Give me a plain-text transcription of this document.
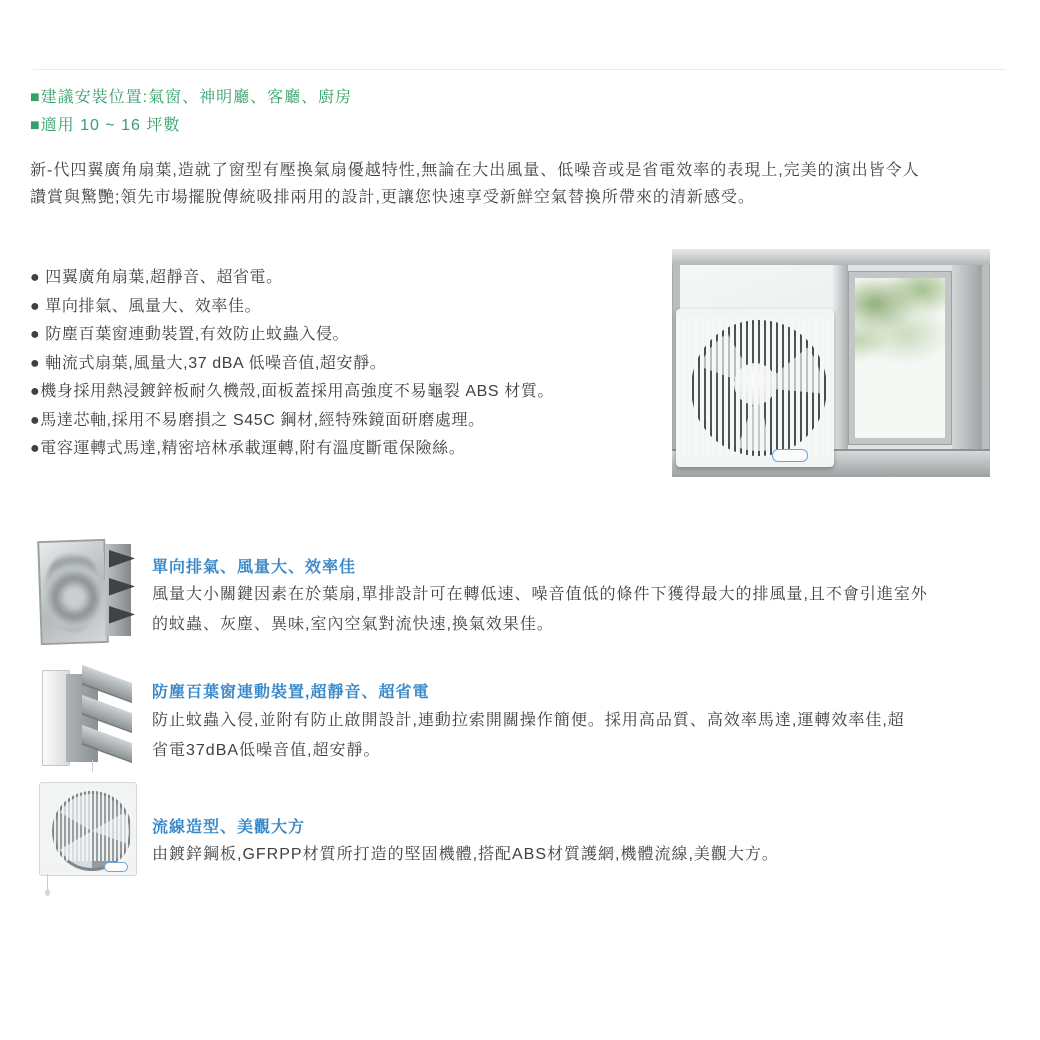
■建議安裝位置:氣窗、神明廳、客廳、廚房
■適用 10 ~ 16 坪數
新-代四翼廣角扇葉,造就了窗型有壓換氣扇優越特性,無論在大出風量、低噪音或是省電效率的表現上,完美的演出皆令人
讚賞與驚艷;領先市場擺脫傳統吸排兩用的設計,更讓您快速享受新鮮空氣替換所帶來的清新感受。
● 四翼廣角扇葉,超靜音、超省電。
● 單向排氣、風量大、效率佳。
● 防塵百葉窗連動裝置,有效防止蚊蟲入侵。
● 軸流式扇葉,風量大,37 dBA 低噪音值,超安靜。
●機身採用熱浸鍍鋅板耐久機殼,面板蓋採用高強度不易龜裂 ABS 材質。
●馬達芯軸,採用不易磨損之 S45C 鋼材,經特殊鏡面研磨處理。
●電容運轉式馬達,精密培林承載運轉,附有溫度斷電保險絲。
單向排氣、風量大、效率佳
風量大小關鍵因素在於葉扇,單排設計可在轉低速、噪音值低的條件下獲得最大的排風量,且不會引進室外
的蚊蟲、灰塵、異味,室內空氣對流快速,換氣效果佳。
防塵百葉窗連動裝置,超靜音、超省電
防止蚊蟲入侵,並附有防止啟開設計,連動拉索開關操作簡便。採用高品質、高效率馬達,運轉效率佳,超
省電37dBA低噪音值,超安靜。
流線造型、美觀大方
由鍍鋅鋼板,GFRPP材質所打造的堅固機體,搭配ABS材質護網,機體流線,美觀大方。
